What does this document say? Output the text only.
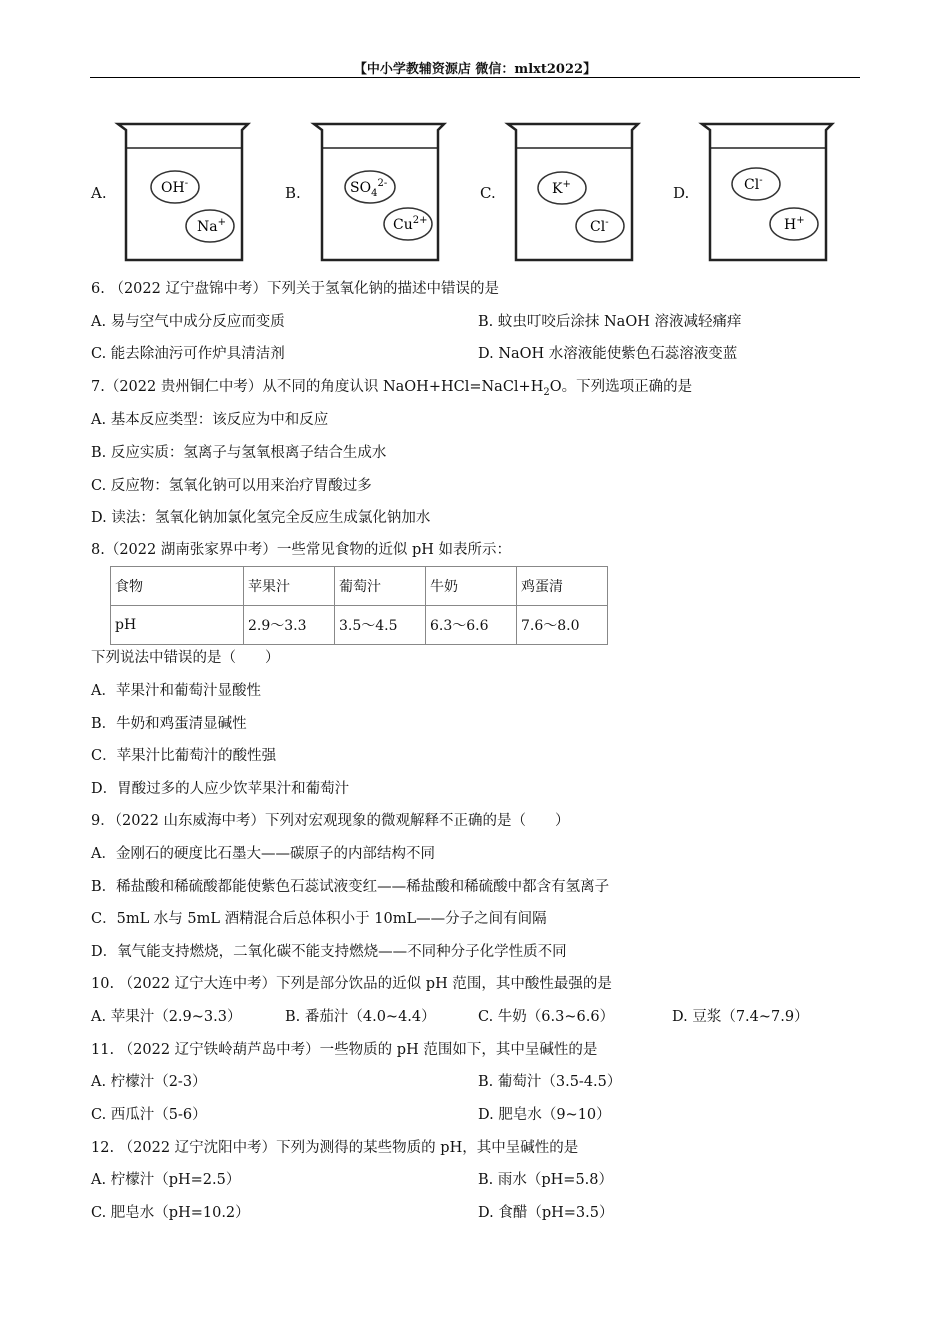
【中小学教辅资源店 微信：mlxt2022】
A.	OH-
Na+
B.	$SO_4^{2-}$
$Cu^{2+}$
C.	K+
Cl-
D.	Cl-
H+
6. （2022 辽宁盘锦中考）下列关于氢氧化钠的描述中错误的是
A. 易与空气中成分反应而变质	B. 蚊虫叮咬后涂抹 NaOH 溶液减轻痛痒
C. 能去除油污可作炉具清洁剂	D. NaOH 水溶液能使紫色石蕊溶液变蓝
7.（2022 贵州铜仁中考）从不同的角度认识 $NaOH+HCl=NaCl+H_2O$。下列选项正确的是
A. 基本反应类型：该反应为中和反应
B. 反应实质：氢离子与氢氧根离子结合生成水
C. 反应物：氢氧化钠可以用来治疗胃酸过多
D. 读法：氢氧化钠加氯化氢完全反应生成氯化钠加水
8.（2022 湖南张家界中考）一些常见食物的近似 pH 如表所示：
食物	苹果汁	葡萄汁	牛奶	鸡蛋清
pH	2.9～3.3	3.5～4.5	6.3～6.6	7.6～8.0
下列说法中错误的是（　　）
A．苹果汁和葡萄汁显酸性
B．牛奶和鸡蛋清显碱性
C．苹果汁比葡萄汁的酸性强
D．胃酸过多的人应少饮苹果汁和葡萄汁
9．（2022 山东威海中考）下列对宏观现象的微观解释不正确的是（　　）
A．金刚石的硬度比石墨大——碳原子的内部结构不同
B．稀盐酸和稀硫酸都能使紫色石蕊试液变红——稀盐酸和稀硫酸中都含有氢离子
C．5mL 水与 5mL 酒精混合后总体积小于 10mL——分子之间有间隔
D．氧气能支持燃烧，二氧化碳不能支持燃烧——不同种分子化学性质不同
10. （2022 辽宁大连中考）下列是部分饮品的近似 pH 范围，其中酸性最强的是
A. 苹果汁（2.9~3.3）	B. 番茄汁（4.0~4.4）	C. 牛奶（6.3~6.6）	D. 豆浆（7.4~7.9）
11. （2022 辽宁铁岭葫芦岛中考）一些物质的 pH 范围如下，其中呈碱性的是
A. 柠檬汁（2-3）	B. 葡萄汁（3.5-4.5）
C. 西瓜汁（5-6）	D. 肥皂水（9~10）
12. （2022 辽宁沈阳中考）下列为测得的某些物质的 pH，其中呈碱性的是
A. 柠檬汁（pH=2.5）	B. 雨水（pH=5.8）
C. 肥皂水（pH=10.2）	D. 食醋（pH=3.5）
